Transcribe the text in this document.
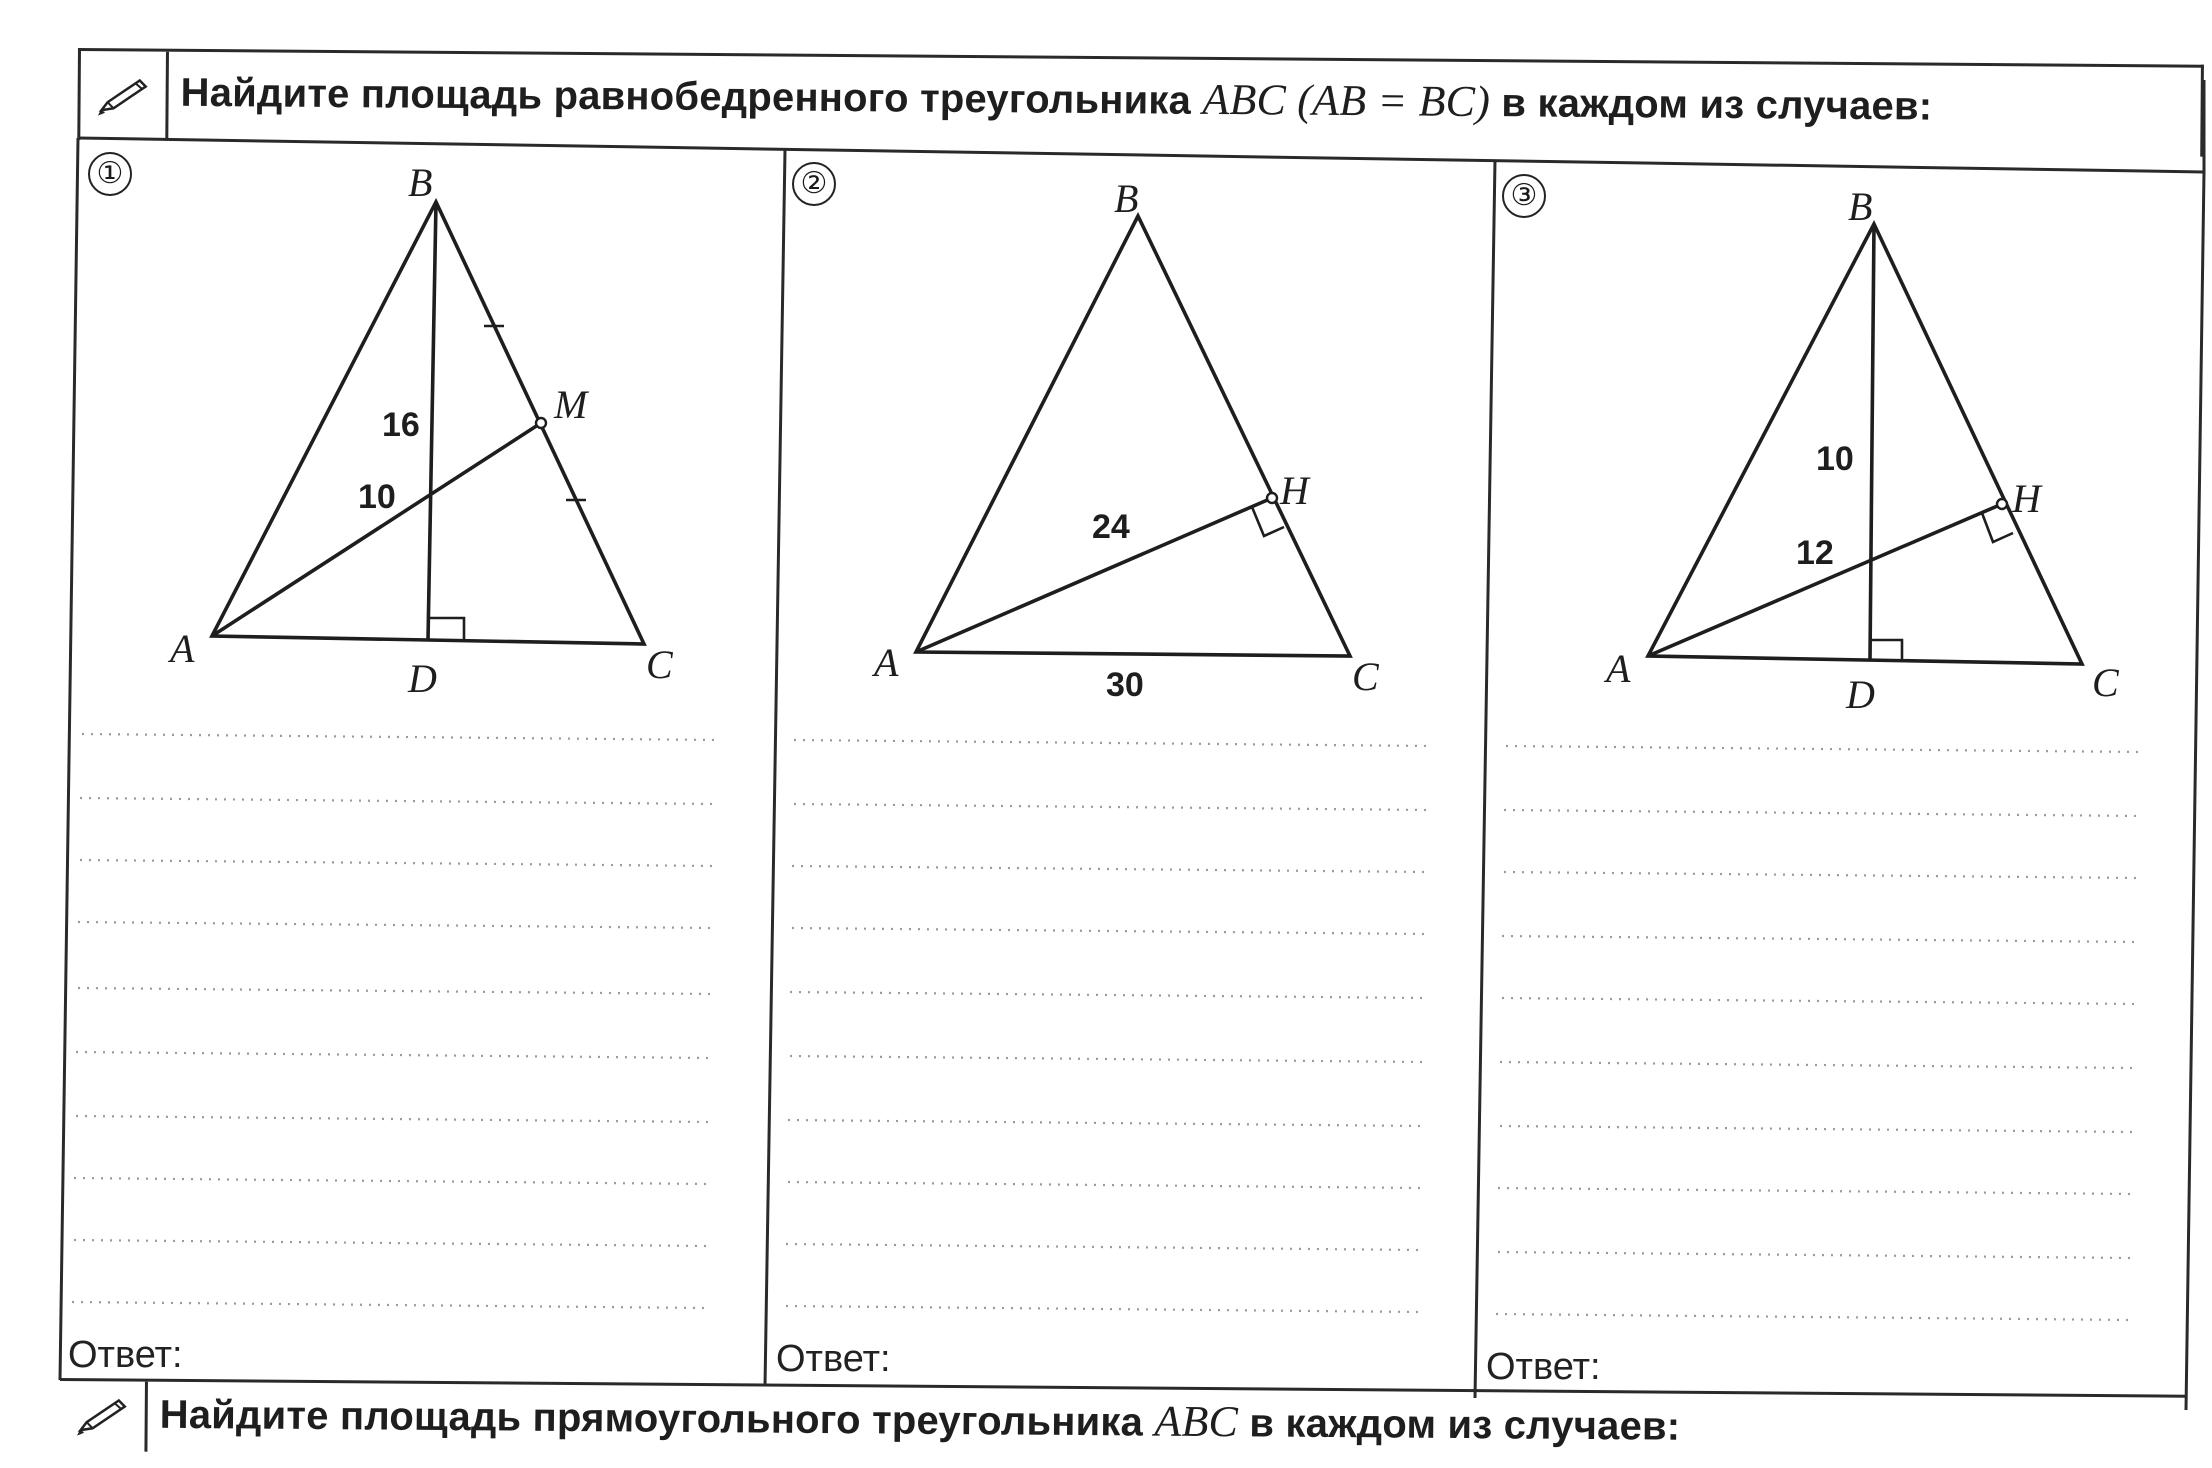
Найдите площадь равнобедренного треугольника ABC (AB = BC) в каждом из случаев:
B
A	C
D
M
16
10
B
A	C
H
24
30
B
A	C
D
H
10
12
①	②	③
Ответ:	Ответ:	Ответ:
Найдите площадь прямоугольного треугольника ABC в каждом из случаев:
